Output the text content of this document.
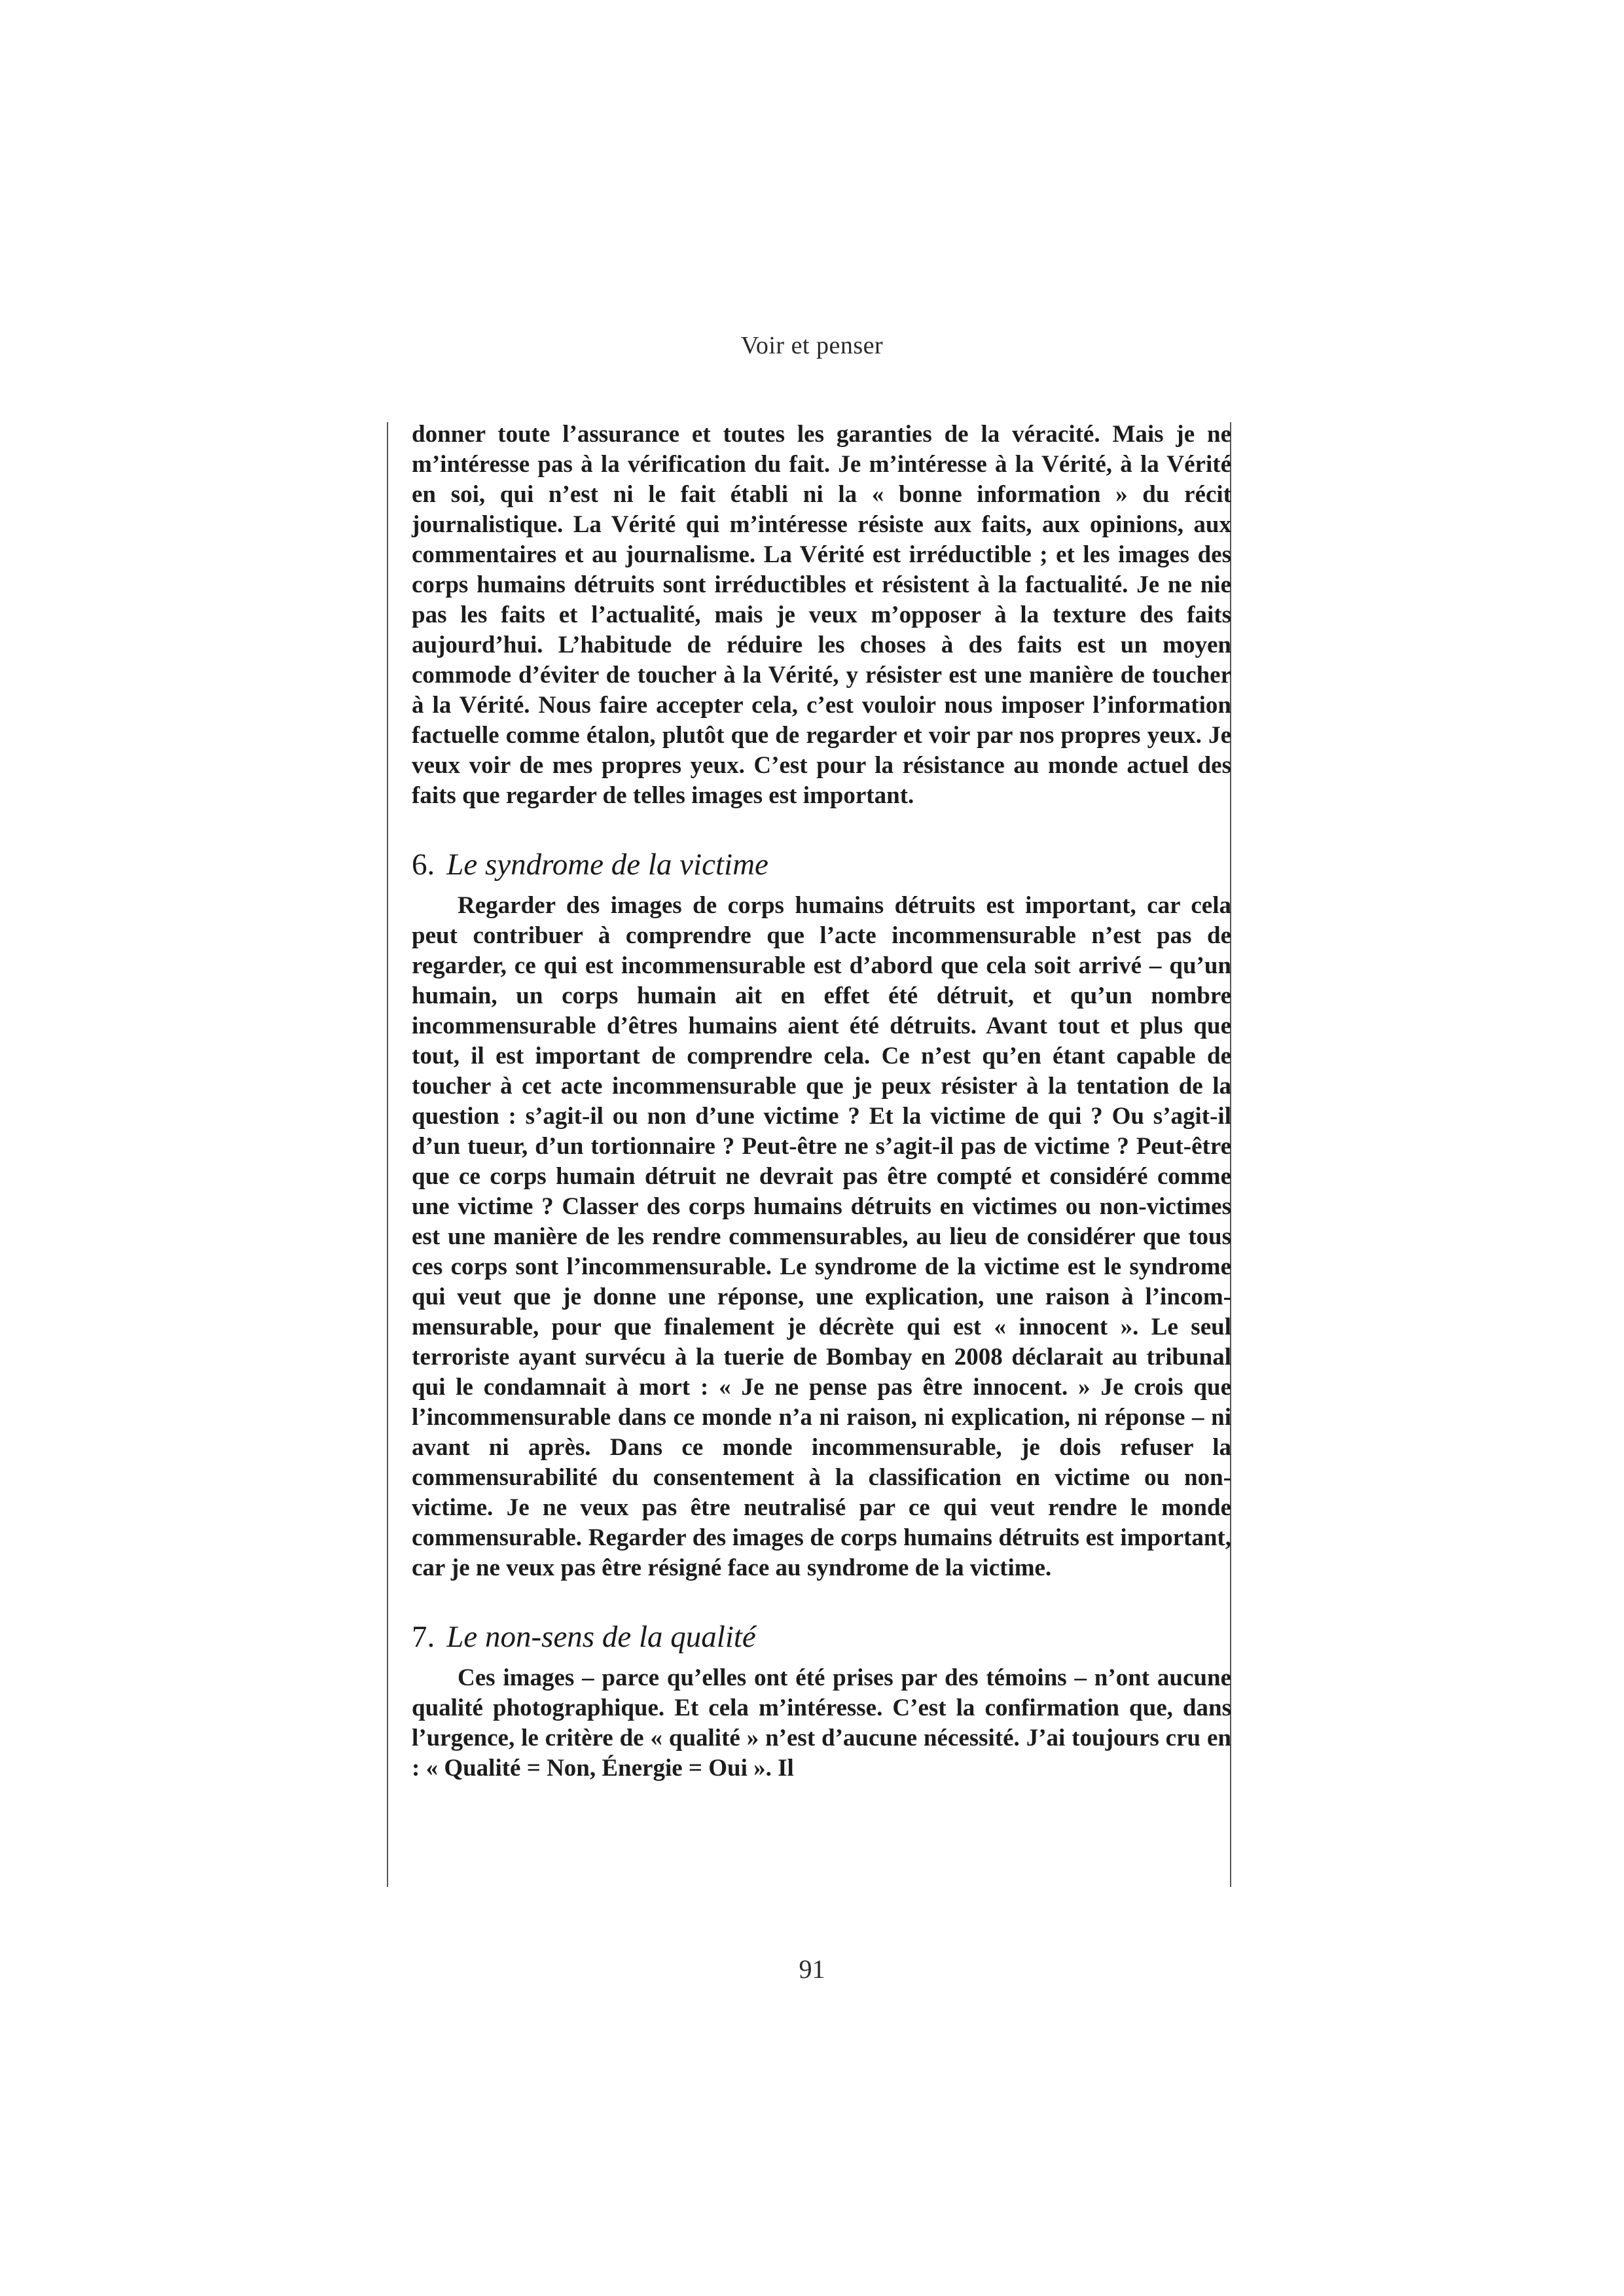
Voir et penser

donner toute l’assurance et toutes les garanties de la véracité. Mais je ne m’intéresse pas à la vérification du fait. Je m’intéresse à la Vérité, à la Vérité en soi, qui n’est ni le fait établi ni la « bonne information » du récit journalistique. La Vérité qui m’intéresse résiste aux faits, aux opinions, aux commentaires et au journalisme. La Vérité est irréductible ; et les images des corps humains détruits sont irréductibles et résistent à la factualité. Je ne nie pas les faits et l’actualité, mais je veux m’opposer à la texture des faits aujourd’hui. L’habitude de réduire les choses à des faits est un moyen commode d’éviter de toucher à la Vérité, y résister est une manière de toucher à la Vérité. Nous faire accepter cela, c’est vouloir nous imposer l’information factuelle comme étalon, plutôt que de regarder et voir par nos propres yeux. Je veux voir de mes propres yeux. C’est pour la résistance au monde actuel des faits que regarder de telles images est important.

6. Le syndrome de la victime

Regarder des images de corps humains détruits est important, car cela peut contribuer à comprendre que l’acte incommensurable n’est pas de regarder, ce qui est incommensurable est d’abord que cela soit arrivé – qu’un humain, un corps humain ait en effet été détruit, et qu’un nombre incommensurable d’êtres humains aient été détruits. Avant tout et plus que tout, il est important de comprendre cela. Ce n’est qu’en étant capable de toucher à cet acte incommensurable que je peux résister à la tentation de la question : s’agit-il ou non d’une victime ? Et la victime de qui ? Ou s’agit-il d’un tueur, d’un tortionnaire ? Peut-être ne s’agit-il pas de victime ? Peut-être que ce corps humain détruit ne devrait pas être compté et considéré comme une victime ? Classer des corps humains détruits en victimes ou non-victimes est une manière de les rendre commensurables, au lieu de considérer que tous ces corps sont l’incommensurable. Le syndrome de la victime est le syndrome qui veut que je donne une réponse, une explication, une raison à l’incommensurable, pour que finalement je décrète qui est « innocent ». Le seul terroriste ayant survécu à la tuerie de Bombay en 2008 déclarait au tribunal qui le condamnait à mort : « Je ne pense pas être innocent. » Je crois que l’incommensurable dans ce monde n’a ni raison, ni explication, ni réponse – ni avant ni après. Dans ce monde incommensurable, je dois refuser la commensurabilité du consentement à la classification en victime ou non-victime. Je ne veux pas être neutralisé par ce qui veut rendre le monde commensurable. Regarder des images de corps humains détruits est important, car je ne veux pas être résigné face au syndrome de la victime.

7. Le non-sens de la qualité

Ces images – parce qu’elles ont été prises par des témoins – n’ont aucune qualité photographique. Et cela m’intéresse. C’est la confirmation que, dans l’urgence, le critère de « qualité » n’est d’aucune nécessité. J’ai toujours cru en : « Qualité = Non, Énergie = Oui ». Il

91
